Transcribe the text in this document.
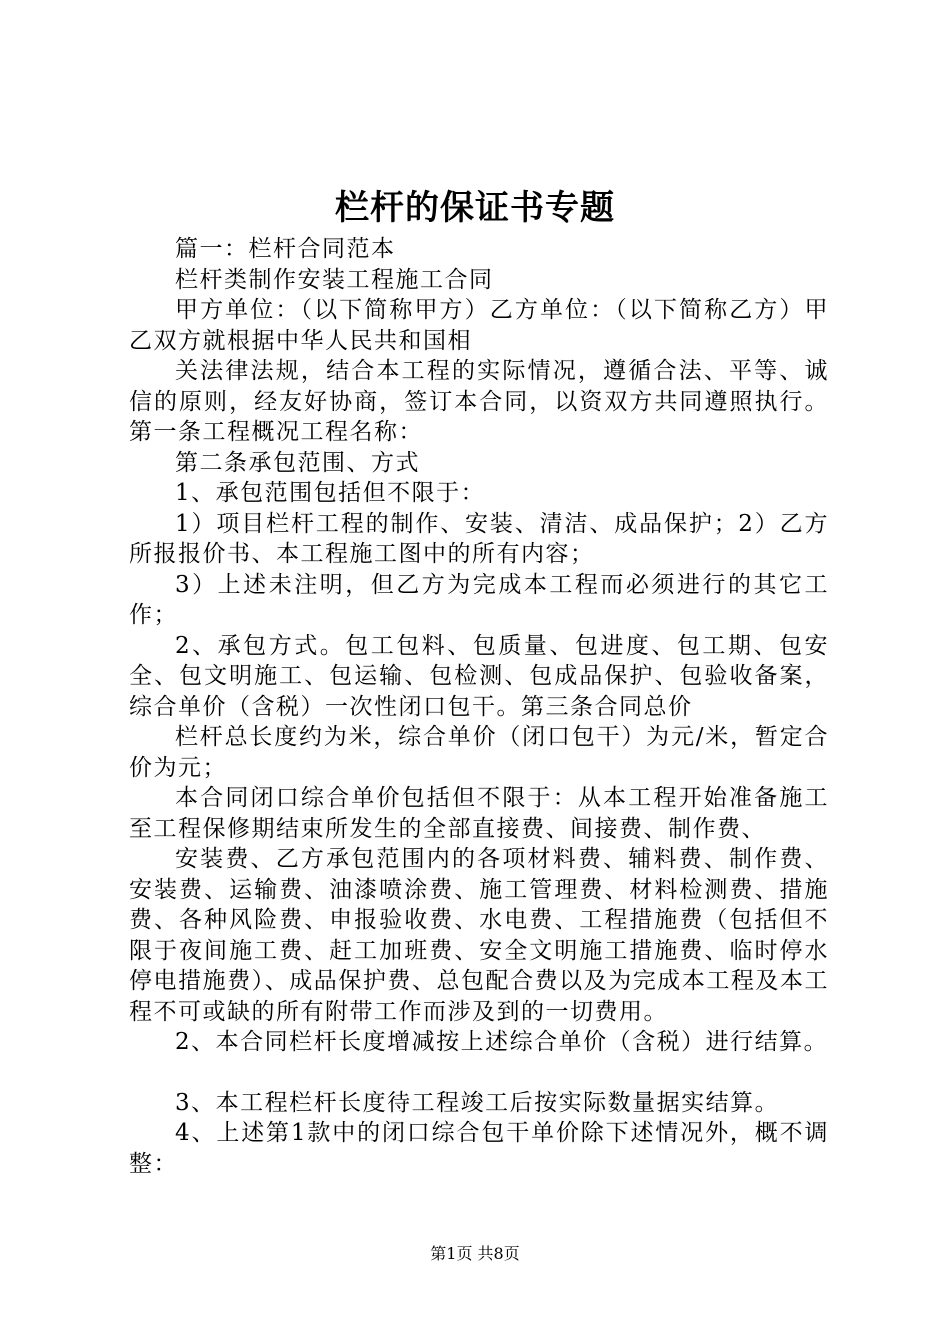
栏杆的保证书专题

篇一：栏杆合同范本

栏杆类制作安装工程施工合同

甲方单位：（以下简称甲方）乙方单位：（以下简称乙方）甲乙双方就根据中华人民共和国相

关法律法规，结合本工程的实际情况，遵循合法、平等、诚信的原则，经友好协商，签订本合同，以资双方共同遵照执行。第一条工程概况工程名称：

第二条承包范围、方式

1、承包范围包括但不限于：

1）项目栏杆工程的制作、安装、清洁、成品保护；2）乙方所报报价书、本工程施工图中的所有内容；

3）上述未注明，但乙方为完成本工程而必须进行的其它工作；

2、承包方式。包工包料、包质量、包进度、包工期、包安全、包文明施工、包运输、包检测、包成品保护、包验收备案，综合单价（含税）一次性闭口包干。第三条合同总价

栏杆总长度约为米，综合单价（闭口包干）为元/米，暂定合价为元；

本合同闭口综合单价包括但不限于：从本工程开始准备施工至工程保修期结束所发生的全部直接费、间接费、制作费、

安装费、乙方承包范围内的各项材料费、辅料费、制作费、安装费、运输费、油漆喷涂费、施工管理费、材料检测费、措施费、各种风险费、申报验收费、水电费、工程措施费（包括但不限于夜间施工费、赶工加班费、安全文明施工措施费、临时停水停电措施费）、成品保护费、总包配合费以及为完成本工程及本工程不可或缺的所有附带工作而涉及到的一切费用。

2、本合同栏杆长度增减按上述综合单价（含税）进行结算。

3、本工程栏杆长度待工程竣工后按实际数量据实结算。

4、上述第1款中的闭口综合包干单价除下述情况外，概不调整：

第1页 共8页
